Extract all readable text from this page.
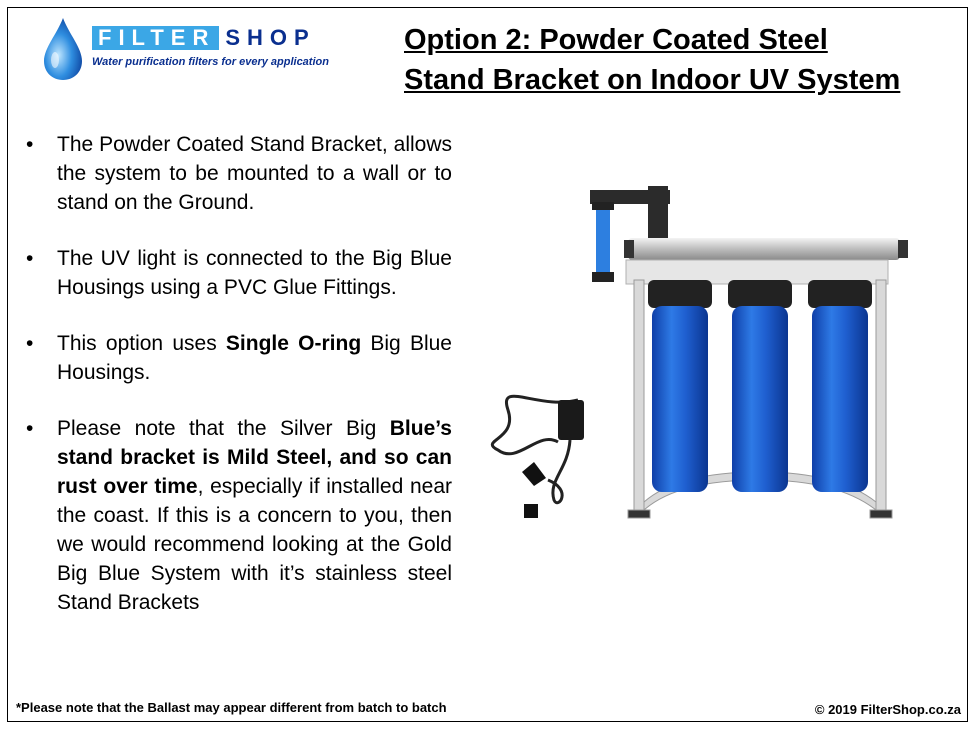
FILTER SHOP
Water purification filters for every application
Option 2: Powder Coated Steel
Stand Bracket on Indoor UV System
• The Powder Coated Stand Bracket, allows the system to be mounted to a wall or to stand on the Ground.
• The UV light is connected to the Big Blue Housings using a PVC Glue Fittings.
• This option uses Single O-ring Big Blue Housings.
• Please note that the Silver Big Blue’s stand bracket is Mild Steel, and so can rust over time, especially if installed near the coast. If this is a concern to you, then we would recommend looking at the Gold Big Blue System with it’s stainless steel Stand Brackets
*Please note that the Ballast may appear different from batch to batch	© 2019 FilterShop.co.za
